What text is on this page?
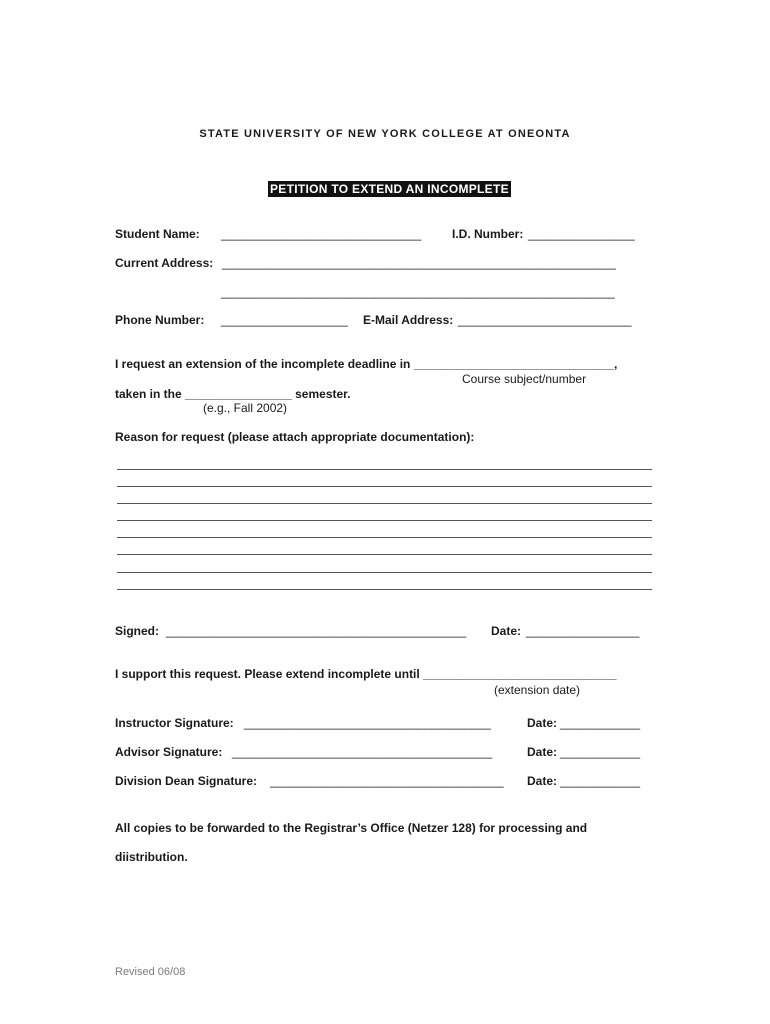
STATE UNIVERSITY OF NEW YORK COLLEGE AT ONEONTA

PETITION TO EXTEND AN INCOMPLETE

Student Name: ______________________________	I.D. Number: ________________
Current Address: ___________________________________________________________
___________________________________________________________
Phone Number: ___________________ E-Mail Address: __________________________
I request an extension of the incomplete deadline in ______________________________,
Course subject/number
taken in the ________________ semester.
(e.g., Fall 2002)
Reason for request (please attach appropriate documentation):
Signed: _____________________________________________ Date: _________________
I support this request. Please extend incomplete until _____________________________
(extension date)
Instructor Signature: _____________________________________	Date: ____________
Advisor Signature: _______________________________________	Date: ____________
Division Dean Signature: ___________________________________ Date: ____________
All copies to be forwarded to the Registrar’s Office (Netzer 128) for processing and
diistribution.
Revised 06/08
